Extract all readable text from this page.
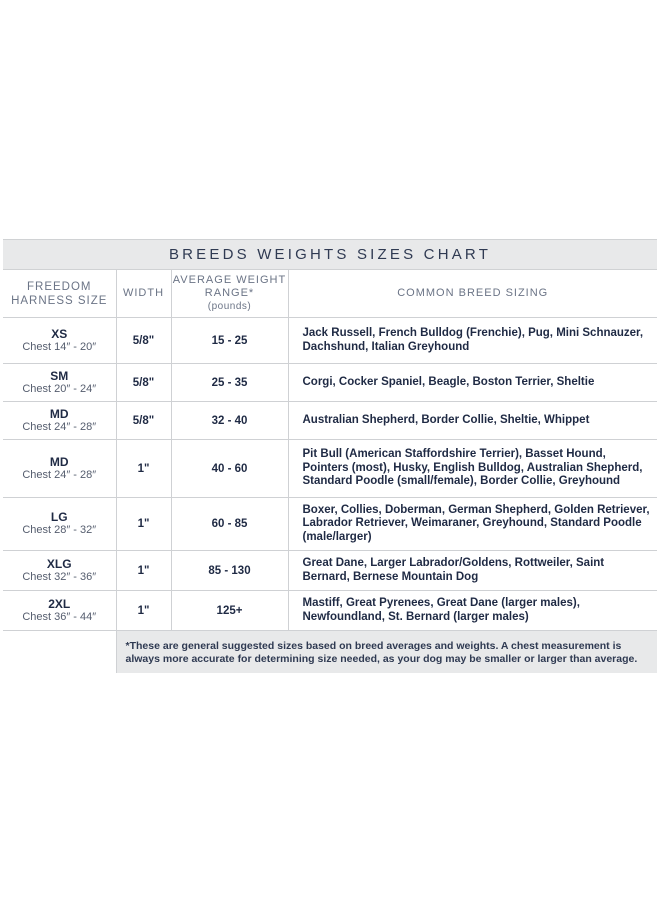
BREEDS WEIGHTS SIZES CHART
FREEDOM HARNESS SIZE	WIDTH	AVERAGE WEIGHT RANGE*
(pounds)	COMMON BREED SIZING

XS
Chest 14″ - 20″	5/8"	15 - 25	Jack Russell, French Bulldog (Frenchie), Pug, Mini Schnauzer, Dachshund, Italian Greyhound

SM
Chest 20″ - 24″	5/8"	25 - 35	Corgi, Cocker Spaniel, Beagle, Boston Terrier, Sheltie

MD
Chest 24″ - 28″	5/8"	32 - 40	Australian Shepherd, Border Collie, Sheltie, Whippet

MD
Chest 24″ - 28″	1"	40 - 60	Pit Bull (American Staffordshire Terrier), Basset Hound, Pointers (most), Husky, English Bulldog, Australian Shepherd, Standard Poodle (small/female), Border Collie, Greyhound

LG
Chest 28″ - 32″	1"	60 - 85	Boxer, Collies, Doberman, German Shepherd, Golden Retriever, Labrador Retriever, Weimaraner, Greyhound, Standard Poodle (male/larger)

XLG
Chest 32″ - 36″	1"	85 - 130	Great Dane, Larger Labrador/Goldens, Rottweiler, Saint Bernard, Bernese Mountain Dog

2XL
Chest 36″ - 44″	1"	125+	Mastiff, Great Pyrenees, Great Dane (larger males), Newfoundland, St. Bernard (larger males)
	*These are general suggested sizes based on breed averages and weights. A chest measurement is always more accurate for determining size needed, as your dog may be smaller or larger than average.		
